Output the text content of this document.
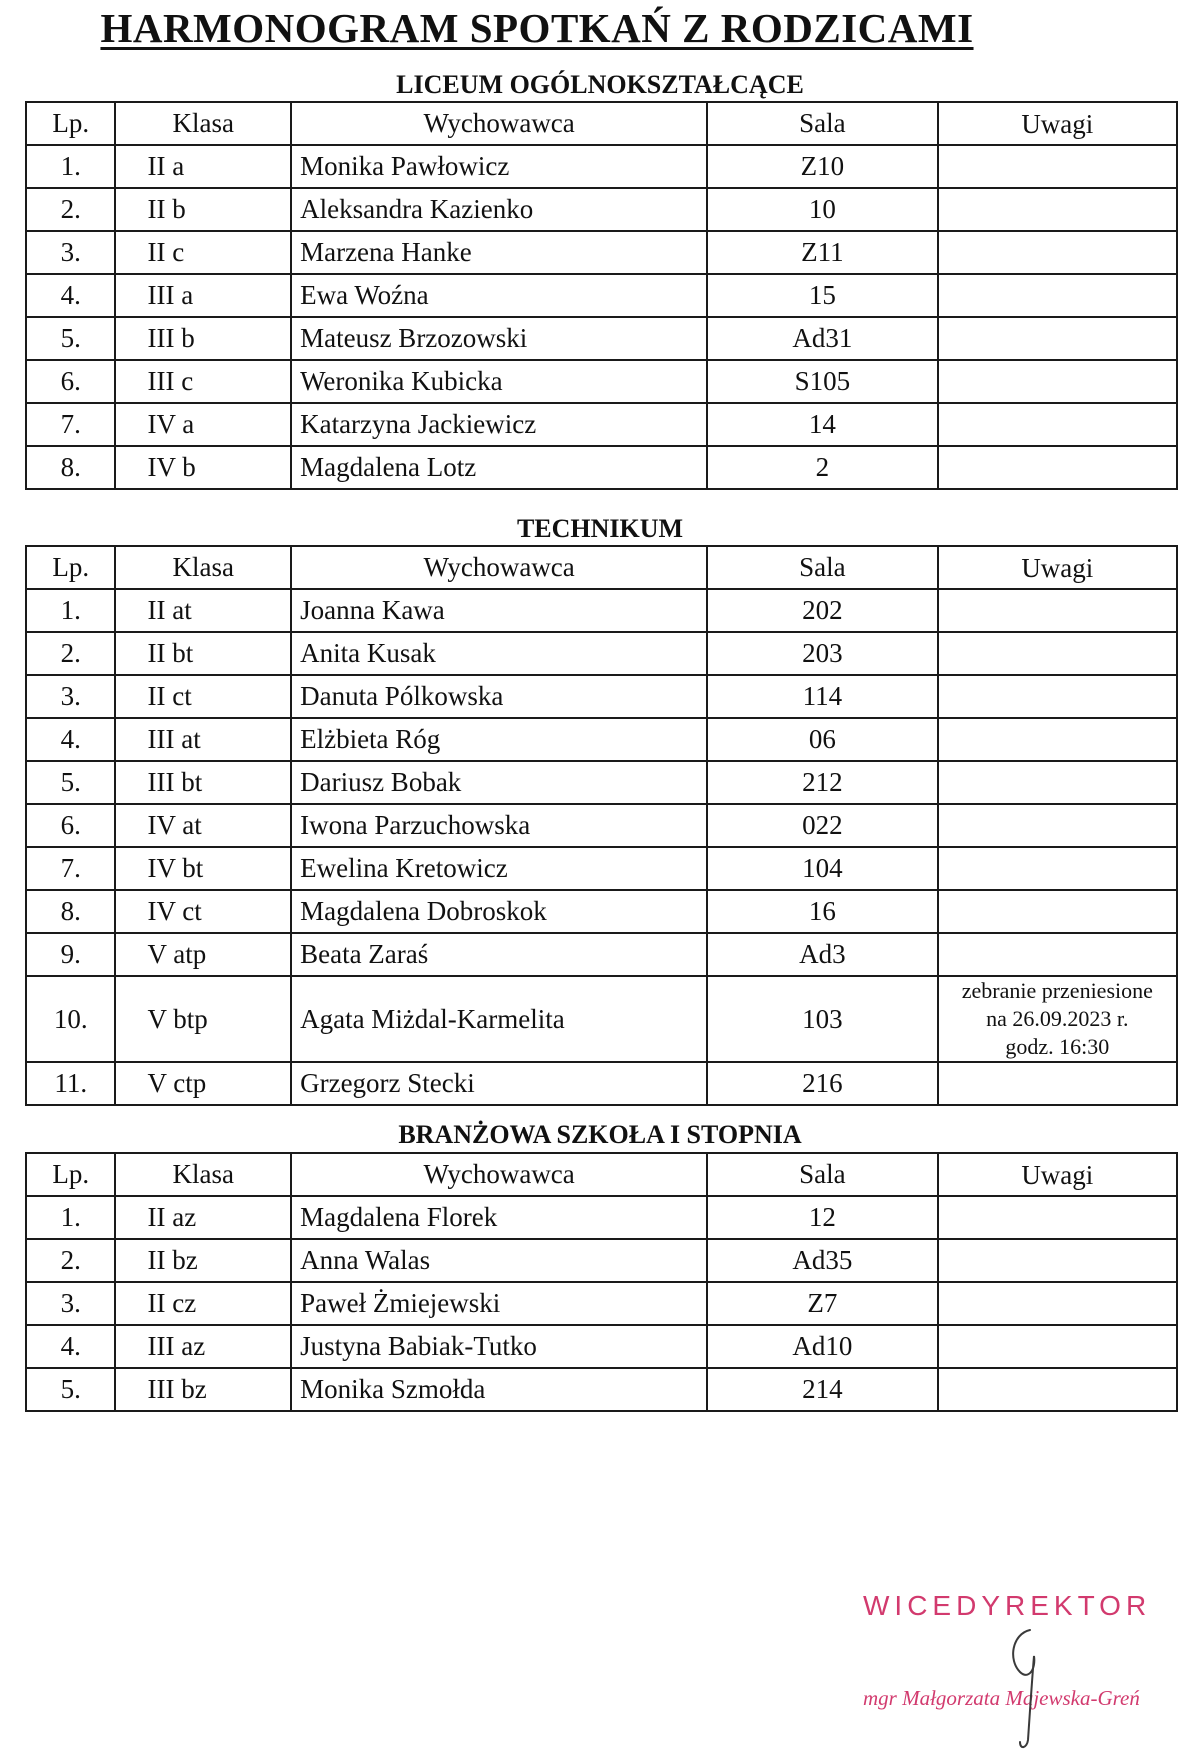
HARMONOGRAM SPOTKAŃ Z RODZICAMI
LICEUM OGÓLNOKSZTAŁCĄCE
Lp.	Klasa	Wychowawca	Sala	Uwagi
1.	II a	Monika Pawłowicz	Z10	
2.	II b	Aleksandra Kazienko	10	
3.	II c	Marzena Hanke	Z11	
4.	III a	Ewa Woźna	15	
5.	III b	Mateusz Brzozowski	Ad31	
6.	III c	Weronika Kubicka	S105	
7.	IV a	Katarzyna Jackiewicz	14	
8.	IV b	Magdalena Lotz	2	
TECHNIKUM
Lp.	Klasa	Wychowawca	Sala	Uwagi
1.	II at	Joanna Kawa	202	
2.	II bt	Anita Kusak	203	
3.	II ct	Danuta Pólkowska	114	
4.	III at	Elżbieta Róg	06	
5.	III bt	Dariusz Bobak	212	
6.	IV at	Iwona Parzuchowska	022	
7.	IV bt	Ewelina Kretowicz	104	
8.	IV ct	Magdalena Dobroskok	16	
9.	V atp	Beata Zaraś	Ad3	
10.	V btp	Agata Miżdal-Karmelita	103	zebranie przeniesione
na 26.09.2023 r.
godz. 16:30

11.	V ctp	Grzegorz Stecki	216	
BRANŻOWA SZKOŁA I STOPNIA
Lp.	Klasa	Wychowawca	Sala	Uwagi
1.	II az	Magdalena Florek	12	
2.	II bz	Anna Walas	Ad35	
3.	II cz	Paweł Żmiejewski	Z7	
4.	III az	Justyna Babiak-Tutko	Ad10	
5.	III bz	Monika Szmołda	214	
WICEDYREKTOR
mgr Małgorzata Majewska-Greń
